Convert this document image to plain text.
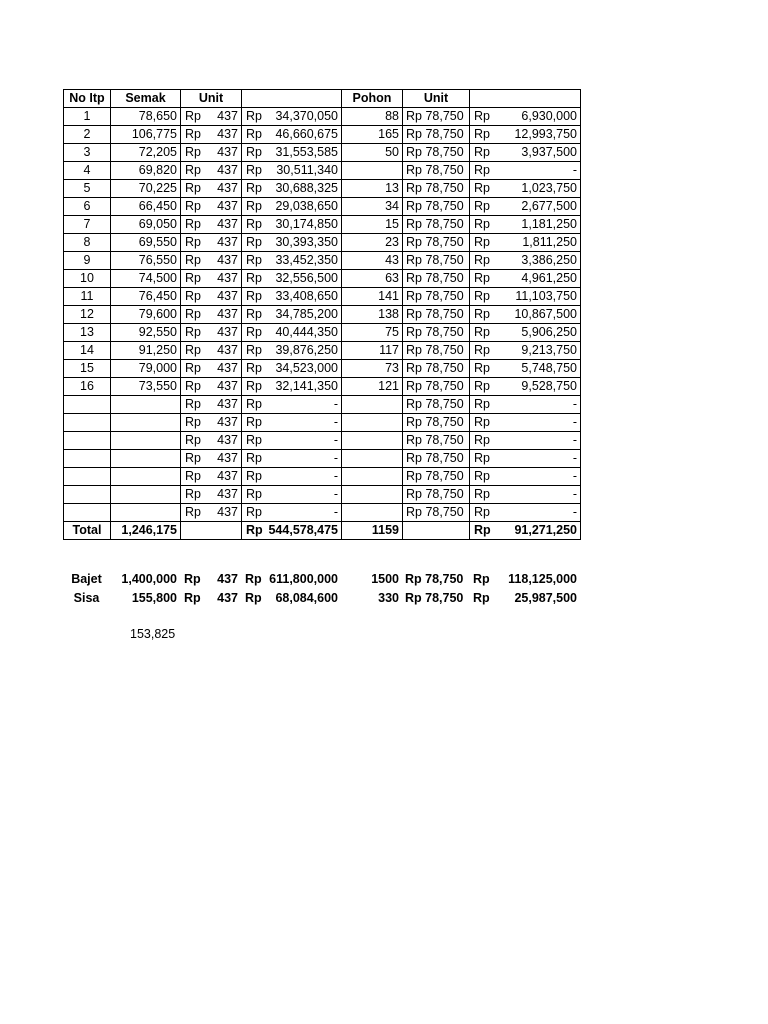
No Itp	Semak	Unit		Pohon	Unit	
1	78,650	Rp 437	Rp 34,370,050	88	Rp 78,750	Rp 6,930,000
2	106,775	Rp 437	Rp 46,660,675	165	Rp 78,750	Rp 12,993,750
3	72,205	Rp 437	Rp 31,553,585	50	Rp 78,750	Rp 3,937,500
4	69,820	Rp 437	Rp 30,511,340		Rp 78,750	Rp -
5	70,225	Rp 437	Rp 30,688,325	13	Rp 78,750	Rp 1,023,750
6	66,450	Rp 437	Rp 29,038,650	34	Rp 78,750	Rp 2,677,500
7	69,050	Rp 437	Rp 30,174,850	15	Rp 78,750	Rp 1,181,250
8	69,550	Rp 437	Rp 30,393,350	23	Rp 78,750	Rp 1,811,250
9	76,550	Rp 437	Rp 33,452,350	43	Rp 78,750	Rp 3,386,250
10	74,500	Rp 437	Rp 32,556,500	63	Rp 78,750	Rp 4,961,250
11	76,450	Rp 437	Rp 33,408,650	141	Rp 78,750	Rp 11,103,750
12	79,600	Rp 437	Rp 34,785,200	138	Rp 78,750	Rp 10,867,500
13	92,550	Rp 437	Rp 40,444,350	75	Rp 78,750	Rp 5,906,250
14	91,250	Rp 437	Rp 39,876,250	117	Rp 78,750	Rp 9,213,750
15	79,000	Rp 437	Rp 34,523,000	73	Rp 78,750	Rp 5,748,750
16	73,550	Rp 437	Rp 32,141,350	121	Rp 78,750	Rp 9,528,750

		Rp 437	Rp -		Rp 78,750	Rp -

		Rp 437	Rp -		Rp 78,750	Rp -

		Rp 437	Rp -		Rp 78,750	Rp -

		Rp 437	Rp -		Rp 78,750	Rp -

		Rp 437	Rp -		Rp 78,750	Rp -

		Rp 437	Rp -		Rp 78,750	Rp -

		Rp 437	Rp -		Rp 78,750	Rp -
Total	1,246,175		Rp 544,578,475	1159		Rp 91,271,250
Bajet	1,400,000	Rp 437	Rp 611,800,000	1500	Rp 78,750	Rp 118,125,000
Sisa	155,800	Rp 437	Rp 68,084,600	330	Rp 78,750	Rp 25,987,500
153,825
